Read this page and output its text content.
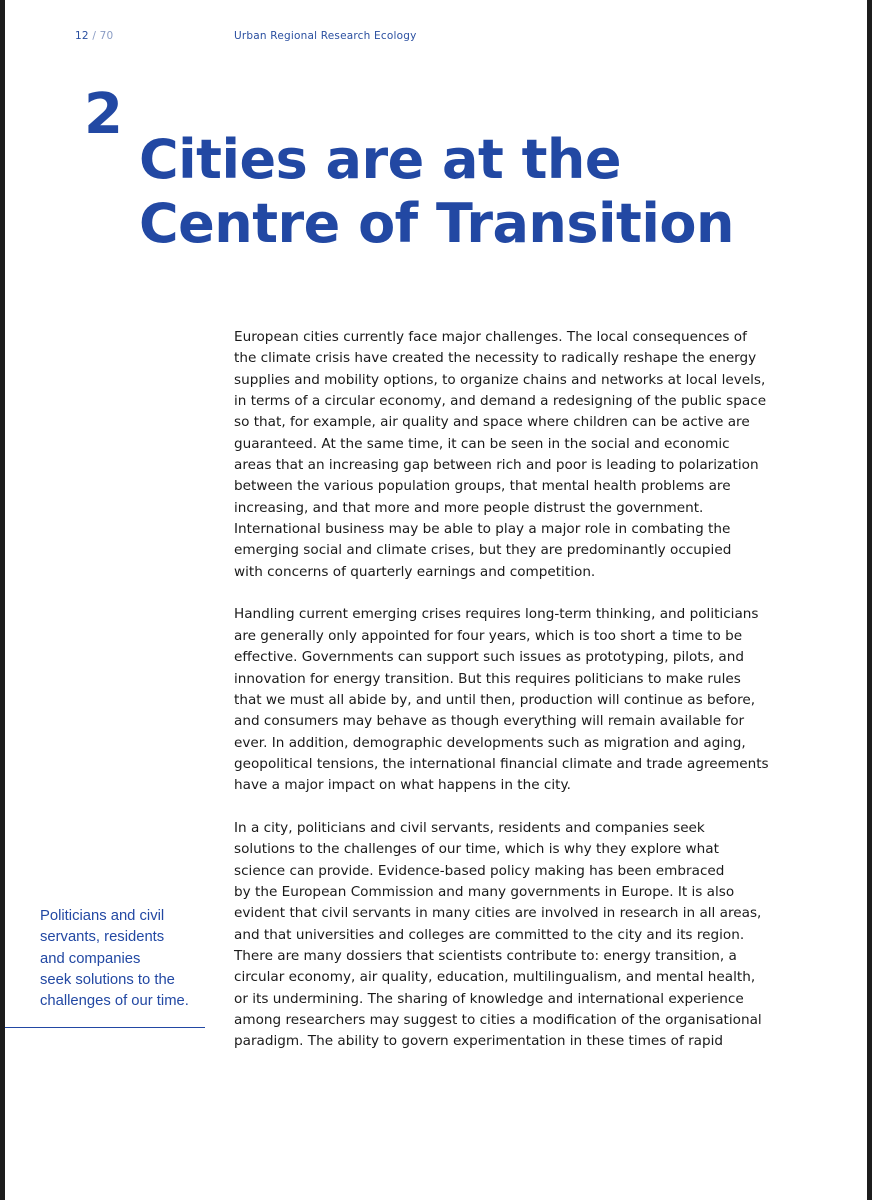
12 / 70	Urban Regional Research Ecology
2
Cities are at the
Centre of Transition

European cities currently face major challenges. The local consequences of
the climate crisis have created the necessity to radically reshape the energy
supplies and mobility options, to organize chains and networks at local levels,
in terms of a circular economy, and demand a redesigning of the public space
so that, for example, air quality and space where children can be active are
guaranteed. At the same time, it can be seen in the social and economic
areas that an increasing gap between rich and poor is leading to polarization
between the various population groups, that mental health problems are
increasing, and that more and more people distrust the government.
International business may be able to play a major role in combating the
emerging social and climate crises, but they are predominantly occupied
with concerns of quarterly earnings and competition.

Handling current emerging crises requires long-term thinking, and politicians
are generally only appointed for four years, which is too short a time to be
effective. Governments can support such issues as prototyping, pilots, and
innovation for energy transition. But this requires politicians to make rules
that we must all abide by, and until then, production will continue as before,
and consumers may behave as though everything will remain available for
ever. In addition, demographic developments such as migration and aging,
geopolitical tensions, the international financial climate and trade agreements
have a major impact on what happens in the city.

In a city, politicians and civil servants, residents and companies seek
solutions to the challenges of our time, which is why they explore what
science can provide. Evidence-based policy making has been embraced
by the European Commission and many governments in Europe. It is also
evident that civil servants in many cities are involved in research in all areas,
and that universities and colleges are committed to the city and its region.
There are many dossiers that scientists contribute to: energy transition, a
circular economy, air quality, education, multilingualism, and mental health,
or its undermining. The sharing of knowledge and international experience
among researchers may suggest to cities a modification of the organisational
paradigm. The ability to govern experimentation in these times of rapid

Politicians and civil
servants, residents
and companies
seek solutions to the
challenges of our time.
